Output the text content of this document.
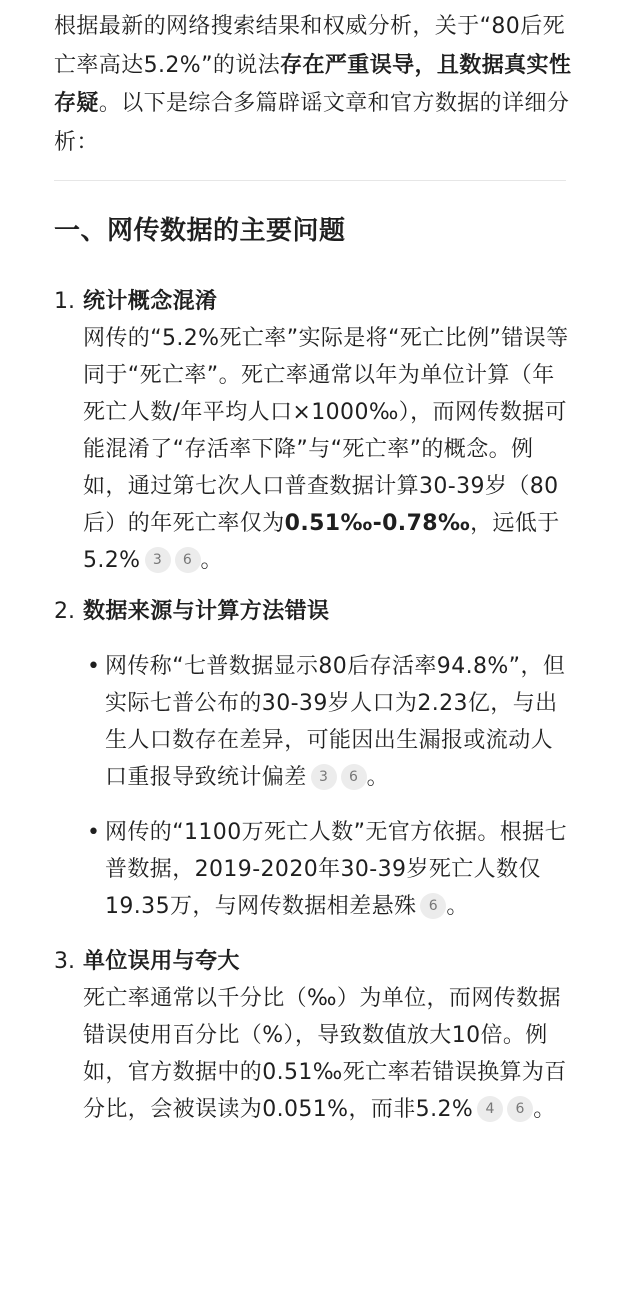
根据最新的网络搜索结果和权威分析，关于“80后死亡率高达5.2%”的说法存在严重误导，且数据真实性存疑。以下是综合多篇辟谣文章和官方数据的详细分析：

一、网传数据的主要问题
1. 统计概念混淆
网传的“5.2%死亡率”实际是将“死亡比例”错误等同于“死亡率”。死亡率通常以年为单位计算（年死亡人数/年平均人口×1000‰），而网传数据可能混淆了“存活率下降”与“死亡率”的概念。例如，通过第七次人口普查数据计算30-39岁（80后）的年死亡率仅为0.51‰-0.78‰，远低于5.2% 3 6 。
2. 数据来源与计算方法错误
• 网传称“七普数据显示80后存活率94.8%”，但实际七普公布的30-39岁人口为2.23亿，与出生人口数存在差异，可能因出生漏报或流动人口重报导致统计偏差 3 6 。
• 网传的“1100万死亡人数”无官方依据。根据七普数据，2019-2020年30-39岁死亡人数仅19.35万，与网传数据相差悬殊 6 。
3. 单位误用与夸大
死亡率通常以千分比（‰）为单位，而网传数据错误使用百分比（%），导致数值放大10倍。例如，官方数据中的0.51‰死亡率若错误换算为百分比，会被误读为0.051%，而非5.2% 4 6 。
